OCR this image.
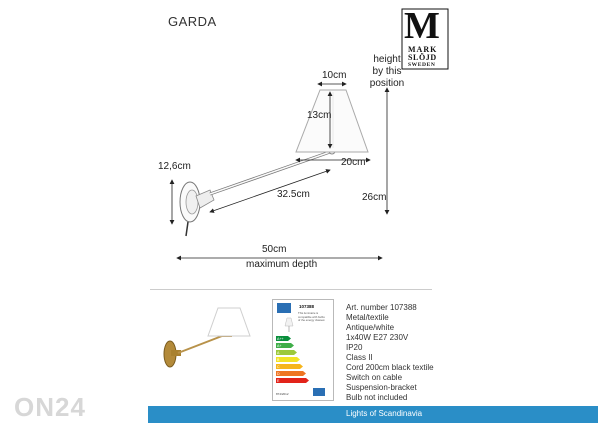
GARDA	M
MARK
SLÖJD
SWEDEN
height
by this
position
10cm
13cm
20cm
32.5cm
12,6cm
26cm
50cm
maximum depth
A++
A+
A
B
C
D
E
107388
This luminaire is
compatible with bulbs
of the energy classes:
874/2012
Art. number 107388
Metal/textile
Antique/white
1x40W E27 230V
IP20
Class II
Cord 200cm black textile
Switch on cable
Suspension-bracket
Bulb not included
Lights of Scandinavia
ON24
